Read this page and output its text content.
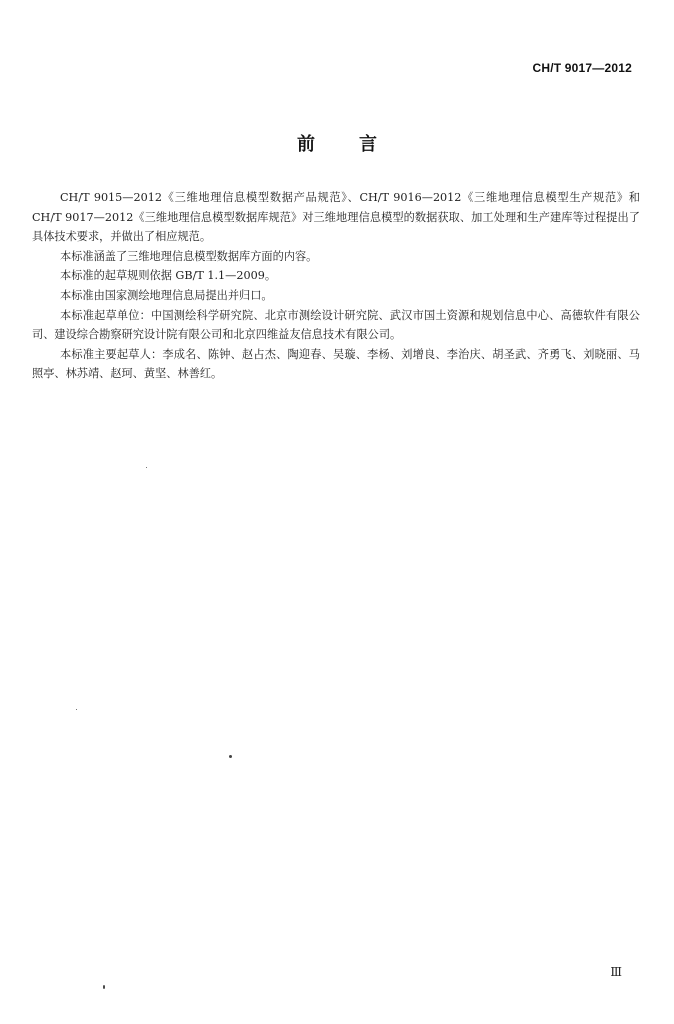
CH/T 9017—2012
前言

CH/T 9015—2012《三维地理信息模型数据产品规范》、CH/T 9016—2012《三维地理信息模型生产规范》和 CH/T 9017—2012《三维地理信息模型数据库规范》对三维地理信息模型的数据获取、加工处理和生产建库等过程提出了具体技术要求，并做出了相应规范。

本标准涵盖了三维地理信息模型数据库方面的内容。

本标准的起草规则依据 GB/T 1.1—2009。

本标准由国家测绘地理信息局提出并归口。

本标准起草单位：中国测绘科学研究院、北京市测绘设计研究院、武汉市国土资源和规划信息中心、高德软件有限公司、建设综合勘察研究设计院有限公司和北京四维益友信息技术有限公司。

本标准主要起草人：李成名、陈钟、赵占杰、陶迎春、吴璇、李杨、刘增良、李治庆、胡圣武、齐勇飞、刘晓丽、马照亭、林苏靖、赵珂、黄坚、林善红。

Ⅲ
